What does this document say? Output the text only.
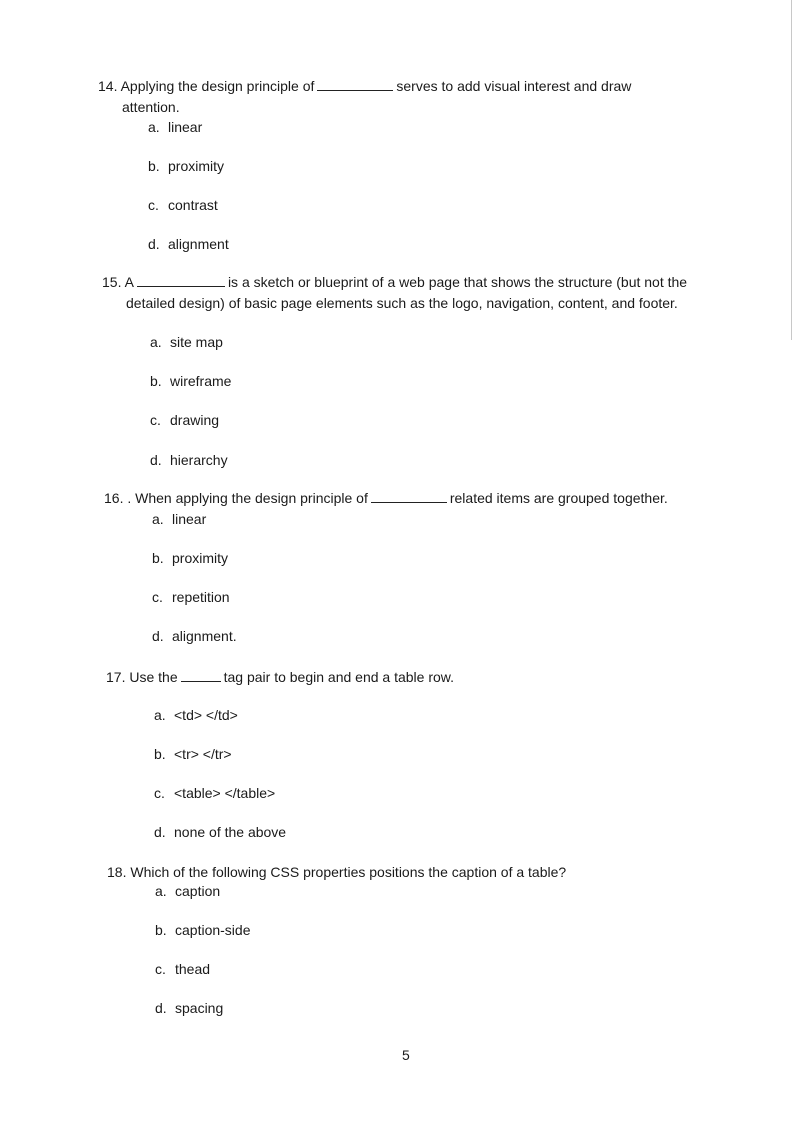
14. Applying the design principle of	serves to add visual interest and draw
attention.
a. linear
b. proximity
c. contrast
d. alignment
15. A	is a sketch or blueprint of a web page that shows the structure (but not the
detailed design) of basic page elements such as the logo, navigation, content, and footer.
a. site map
b. wireframe
c. drawing
d. hierarchy
16. . When applying the design principle of	related items are grouped together.
a. linear
b. proximity
c. repetition
d. alignment.
17. Use the	tag pair to begin and end a table row.
a. <td> </td>
b. <tr> </tr>
c. <table> </table>
d. none of the above
18. Which of the following CSS properties positions the caption of a table?
a. caption
b. caption-side
c. thead
d. spacing
5
